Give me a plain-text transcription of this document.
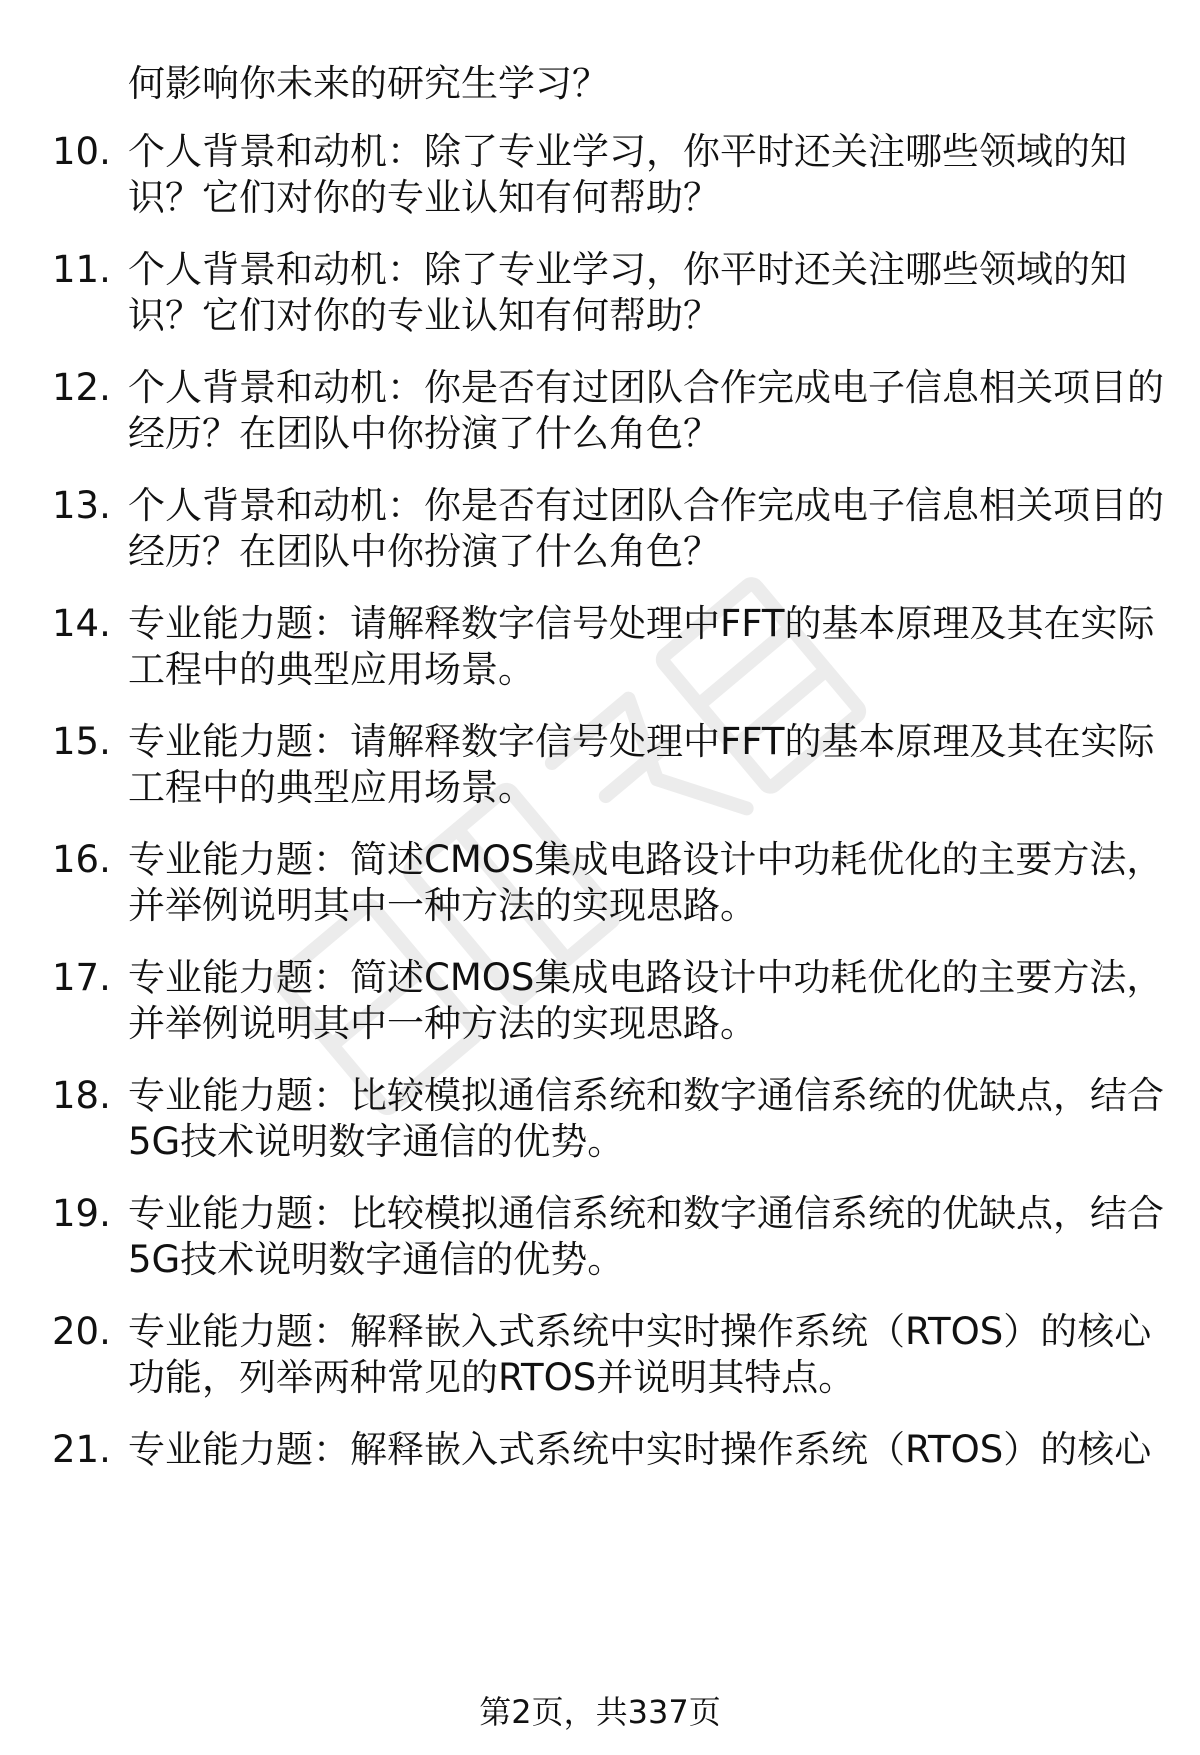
何影响你未来的研究生学习？
10. 个人背景和动机：除了专业学习，你平时还关注哪些领域的知
识？它们对你的专业认知有何帮助？
11. 个人背景和动机：除了专业学习，你平时还关注哪些领域的知
识？它们对你的专业认知有何帮助？
12. 个人背景和动机：你是否有过团队合作完成电子信息相关项目的
经历？在团队中你扮演了什么角色？
13. 个人背景和动机：你是否有过团队合作完成电子信息相关项目的
经历？在团队中你扮演了什么角色？
14. 专业能力题：请解释数字信号处理中FFT的基本原理及其在实际
工程中的典型应用场景。
15. 专业能力题：请解释数字信号处理中FFT的基本原理及其在实际
工程中的典型应用场景。
16. 专业能力题：简述CMOS集成电路设计中功耗优化的主要方法，
并举例说明其中一种方法的实现思路。
17. 专业能力题：简述CMOS集成电路设计中功耗优化的主要方法，
并举例说明其中一种方法的实现思路。
18. 专业能力题：比较模拟通信系统和数字通信系统的优缺点，结合
5G技术说明数字通信的优势。
19. 专业能力题：比较模拟通信系统和数字通信系统的优缺点，结合
5G技术说明数字通信的优势。
20. 专业能力题：解释嵌入式系统中实时操作系统（RTOS）的核心
功能，列举两种常见的RTOS并说明其特点。
21. 专业能力题：解释嵌入式系统中实时操作系统（RTOS）的核心
第2页，共337页
